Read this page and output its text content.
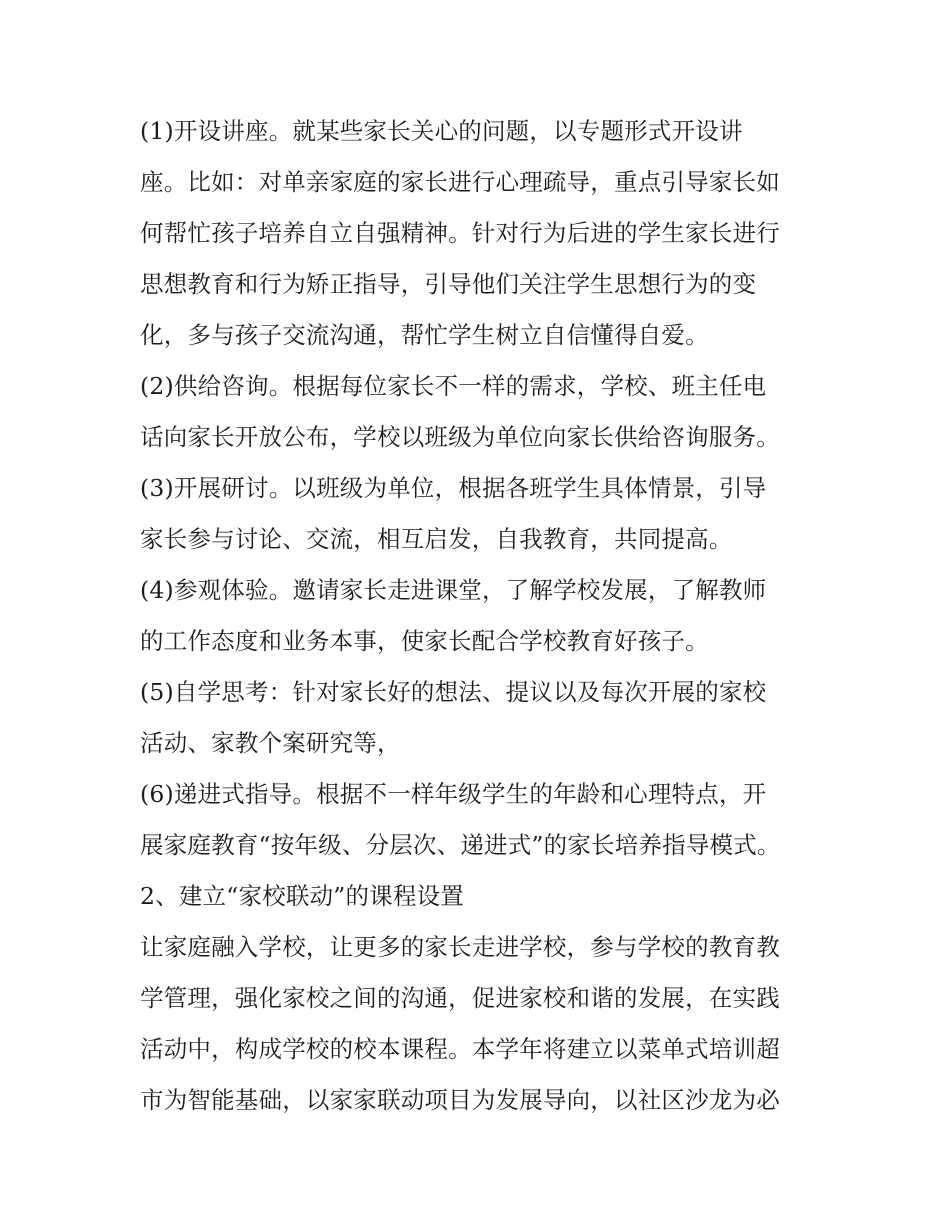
(1)开设讲座。就某些家长关心的问题，以专题形式开设讲
座。比如：对单亲家庭的家长进行心理疏导，重点引导家长如
何帮忙孩子培养自立自强精神。针对行为后进的学生家长进行
思想教育和行为矫正指导，引导他们关注学生思想行为的变
化，多与孩子交流沟通，帮忙学生树立自信懂得自爱。
(2)供给咨询。根据每位家长不一样的需求，学校、班主任电
话向家长开放公布，学校以班级为单位向家长供给咨询服务。
(3)开展研讨。以班级为单位，根据各班学生具体情景，引导
家长参与讨论、交流，相互启发，自我教育，共同提高。
(4)参观体验。邀请家长走进课堂，了解学校发展，了解教师
的工作态度和业务本事，使家长配合学校教育好孩子。
(5)自学思考：针对家长好的想法、提议以及每次开展的家校
活动、家教个案研究等，
(6)递进式指导。根据不一样年级学生的年龄和心理特点，开
展家庭教育“按年级、分层次、递进式”的家长培养指导模式。
2、建立“家校联动”的课程设置
让家庭融入学校，让更多的家长走进学校，参与学校的教育教
学管理，强化家校之间的沟通，促进家校和谐的发展，在实践
活动中，构成学校的校本课程。本学年将建立以菜单式培训超
市为智能基础，以家家联动项目为发展导向，以社区沙龙为必
